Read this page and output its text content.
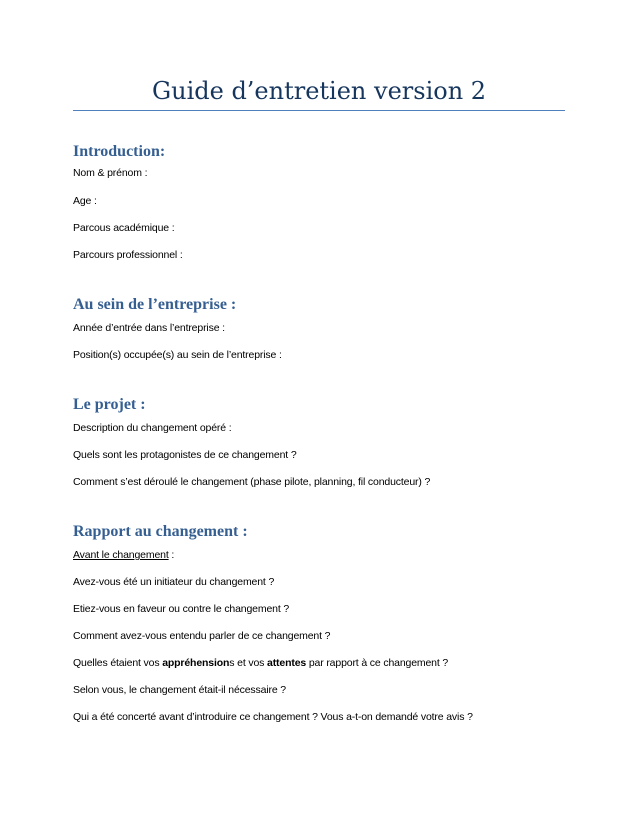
Guide d’entretien version 2
Introduction:
Nom & prénom :
Age :
Parcous académique :
Parcours professionnel :
Au sein de l’entreprise :
Année d’entrée dans l’entreprise :
Position(s) occupée(s) au sein de l’entreprise :
Le projet :
Description du changement opéré :
Quels sont les protagonistes de ce changement ?
Comment s’est déroulé le changement (phase pilote, planning, fil conducteur) ?
Rapport au changement :
Avant le changement :
Avez-vous été un initiateur du changement ?
Etiez-vous en faveur ou contre le changement ?
Comment avez-vous entendu parler de ce changement ?
Quelles étaient vos appréhensions et vos attentes par rapport à ce changement ?
Selon vous, le changement était-il nécessaire ?
Qui a été concerté avant d’introduire ce changement ? Vous a-t-on demandé votre avis ?
